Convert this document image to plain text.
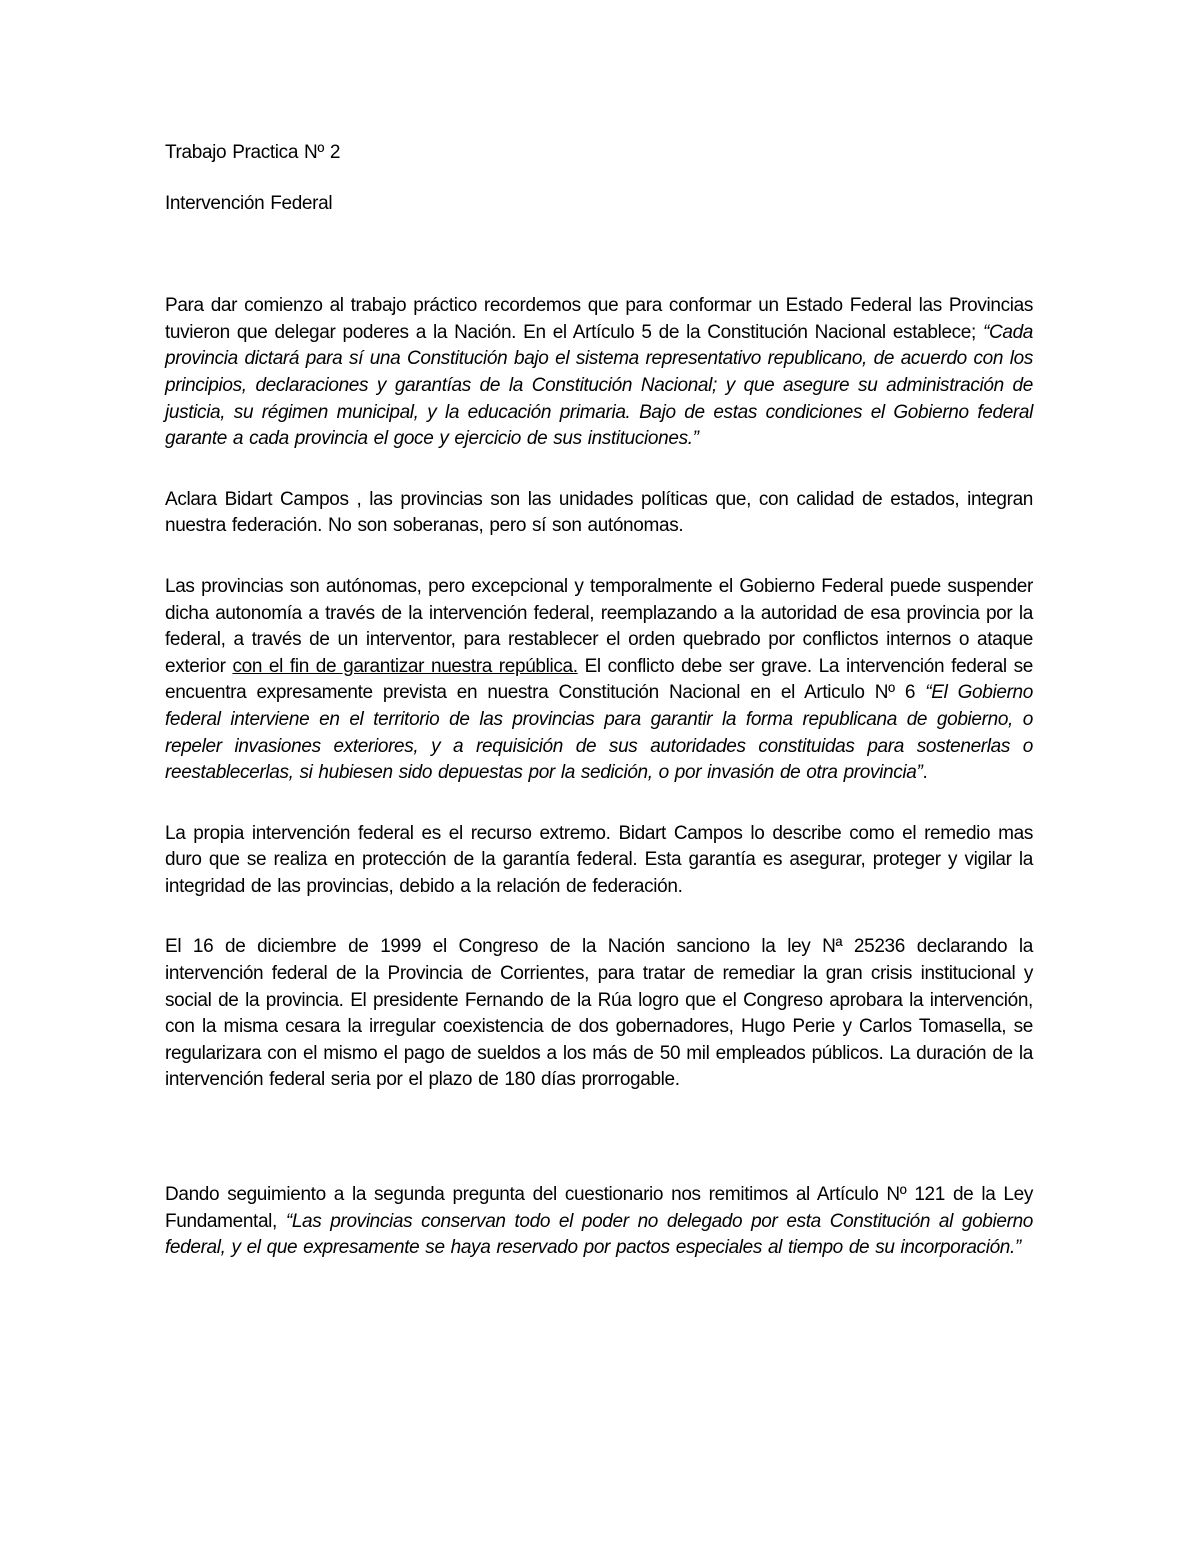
Trabajo Practica Nº 2
Intervención Federal

Para dar comienzo al trabajo práctico recordemos que para conformar un Estado Federal las Provincias tuvieron que delegar poderes a la Nación. En el Artículo 5 de la Constitución Nacional establece; “Cada provincia dictará para sí una Constitución bajo el sistema representativo republicano, de acuerdo con los principios, declaraciones y garantías de la Constitución Nacional; y que asegure su administración de justicia, su régimen municipal, y la educación primaria. Bajo de estas condiciones el Gobierno federal garante a cada provincia el goce y ejercicio de sus instituciones.”

Aclara Bidart Campos , las provincias son las unidades políticas que, con calidad de estados, integran nuestra federación. No son soberanas, pero sí son autónomas.

Las provincias son autónomas, pero excepcional y temporalmente el Gobierno Federal puede suspender dicha autonomía a través de la intervención federal, reemplazando a la autoridad de esa provincia por la federal, a través de un interventor, para restablecer el orden quebrado por conflictos internos o ataque exterior con el fin de garantizar nuestra república. El conflicto debe ser grave. La intervención federal se encuentra expresamente prevista en nuestra Constitución Nacional en el Articulo Nº 6 “El Gobierno federal interviene en el territorio de las provincias para garantir la forma republicana de gobierno, o repeler invasiones exteriores, y a requisición de sus autoridades constituidas para sostenerlas o reestablecerlas, si hubiesen sido depuestas por la sedición, o por invasión de otra provincia”.

La propia intervención federal es el recurso extremo. Bidart Campos lo describe como el remedio mas duro que se realiza en protección de la garantía federal. Esta garantía es asegurar, proteger y vigilar la integridad de las provincias, debido a la relación de federación.

El 16 de diciembre de 1999 el Congreso de la Nación sanciono la ley Nª 25236 declarando la intervención federal de la Provincia de Corrientes, para tratar de remediar la gran crisis institucional y social de la provincia. El presidente Fernando de la Rúa logro que el Congreso aprobara la intervención, con la misma cesara la irregular coexistencia de dos gobernadores, Hugo Perie y Carlos Tomasella, se regularizara con el mismo el pago de sueldos a los más de 50 mil empleados públicos. La duración de la intervención federal seria por el plazo de 180 días prorrogable.

Dando seguimiento a la segunda pregunta del cuestionario nos remitimos al Artículo Nº 121 de la Ley Fundamental, “Las provincias conservan todo el poder no delegado por esta Constitución al gobierno federal, y el que expresamente se haya reservado por pactos especiales al tiempo de su incorporación.”
